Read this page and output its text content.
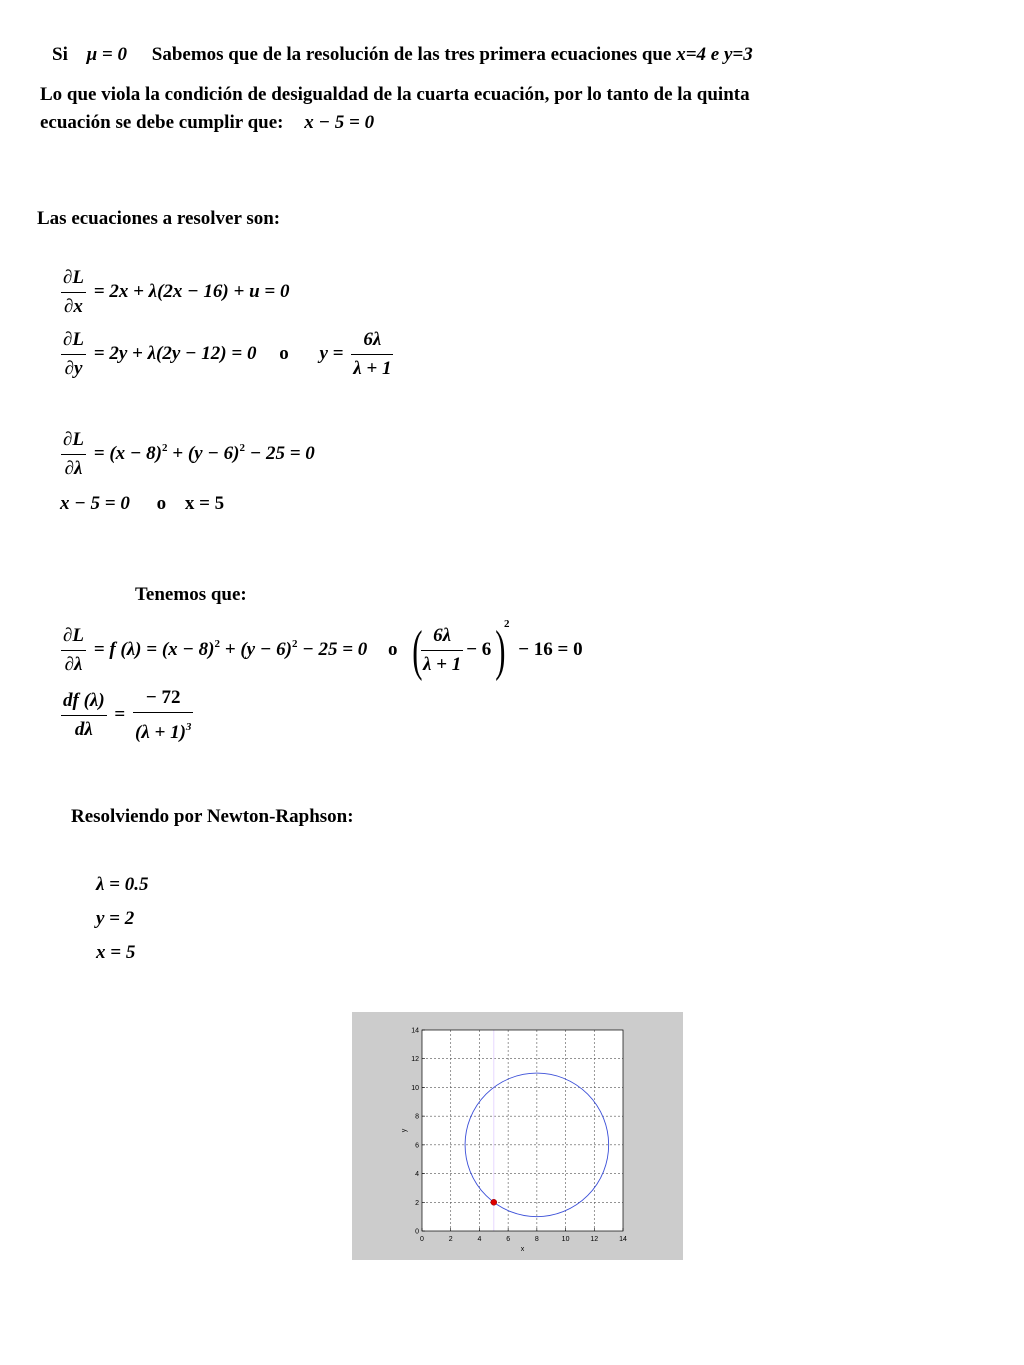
Si μ = 0 Sabemos que de la resolución de las tres primera ecuaciones que x=4 e y=3
Lo que viola la condición de desigualdad de la cuarta ecuación, por lo tanto de la quinta
ecuación se debe cumplir que: x − 5 = 0
Las ecuaciones a resolver son:
$\frac{\partial L}{\partial x} = 2x + \lambda(2x - 16) + u = 0$
$\frac{\partial L}{\partial y} = 2y + \lambda(2y - 12) = 0$ o $y = \frac{6\lambda}{\lambda + 1}$
$\frac{\partial L}{\partial\lambda} = (x - 8)^2 + (y - 6)^2 - 25 = 0$
x − 5 = 0 o x = 5
Tenemos que:
$\frac{\partial L}{\partial\lambda} = f$ $(\lambda) = (x - 8)^2 + (y - 6)^2 - 25 = 0$ o (
$\frac{6\lambda}{\lambda + 1} - 6)^2 - 16 = 0$
$\frac{df (\lambda)}{d\lambda} = \frac{- 72}{(\lambda + 1)^3}$
Resolviendo por Newton-Raphson:
λ = 0.5
y = 2
x = 5
0	2	4	6	8	10	12	14
0
2
4
6
8
10
12
14
x
y
